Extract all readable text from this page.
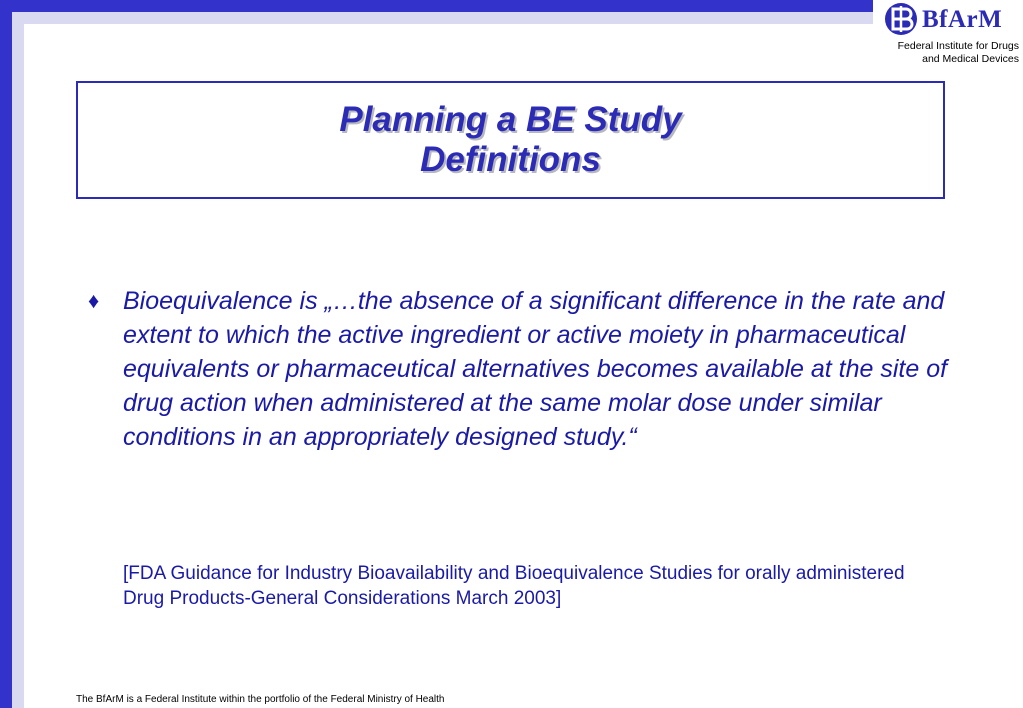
BfArM
Federal Institute for Drugs
and Medical Devices
Planning a BE Study
Definitions
♦ Bioequivalence is „…the absence of a significant difference in the rate and extent to which the active ingredient or active moiety in pharmaceutical equivalents or pharmaceutical alternatives becomes available at the site of drug action when administered at the same molar dose under similar conditions in an appropriately designed study.“
[FDA Guidance for Industry Bioavailability and Bioequivalence Studies for orally administered Drug Products-General Considerations March 2003]
The BfArM is a Federal Institute within the portfolio of the Federal Ministry of Health
